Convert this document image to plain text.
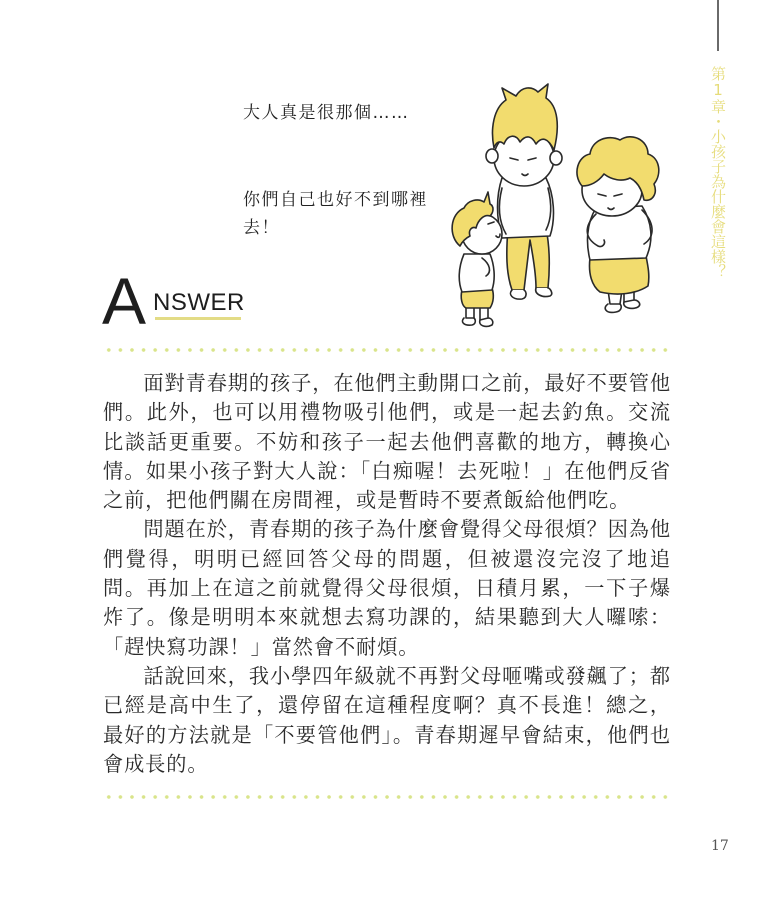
第1章・小孩子為什麼會這樣？
大人真是很那個……
你們自己也好不到哪裡去！
A NSWER

面對青春期的孩子，在他們主動開口之前，最好不要管他們。此外，也可以用禮物吸引他們，或是一起去釣魚。交流比談話更重要。不妨和孩子一起去他們喜歡的地方，轉換心情。如果小孩子對大人說：「白痴喔！去死啦！」在他們反省之前，把他們關在房間裡，或是暫時不要煮飯給他們吃。

問題在於，青春期的孩子為什麼會覺得父母很煩？因為他們覺得，明明已經回答父母的問題，但被還沒完沒了地追問。再加上在這之前就覺得父母很煩，日積月累，一下子爆炸了。像是明明本來就想去寫功課的，結果聽到大人囉嗦：「趕快寫功課！」當然會不耐煩。

話說回來，我小學四年級就不再對父母咂嘴或發飆了；都已經是高中生了，還停留在這種程度啊？真不長進！總之，最好的方法就是「不要管他們」。青春期遲早會結束，他們也會成長的。

17
